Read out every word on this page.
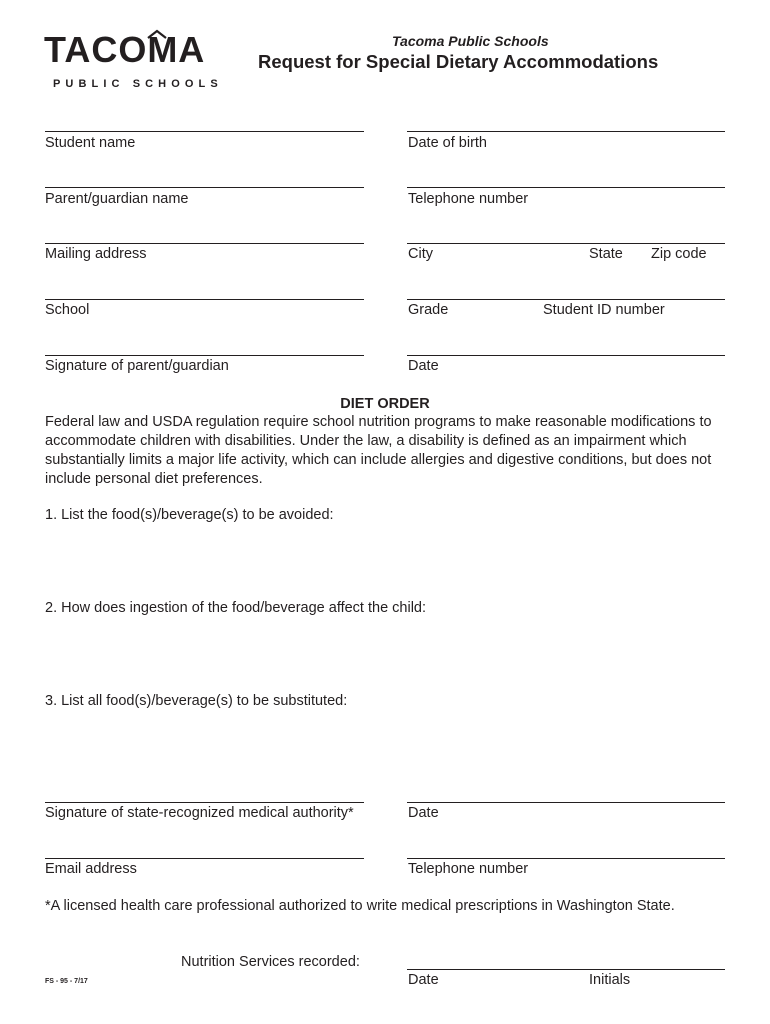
TACOMA
PUBLIC SCHOOLS
Tacoma Public Schools
Request for Special Dietary Accommodations
Student name	Date of birth
Parent/guardian name	Telephone number
Mailing address	City	State Zip code
School	Grade	Student ID number
Signature of parent/guardian	Date
DIET ORDER
Federal law and USDA regulation require school nutrition programs to make reasonable modifications to accommodate children with disabilities. Under the law, a disability is defined as an impairment which substantially limits a major life activity, which can include allergies and digestive conditions, but does not include personal diet preferences.
1. List the food(s)/beverage(s) to be avoided:
2. How does ingestion of the food/beverage affect the child:
3. List all food(s)/beverage(s) to be substituted:
Signature of state-recognized medical authority*	Date
Email address	Telephone number
*A licensed health care professional authorized to write medical prescriptions in Washington State.
Nutrition Services recorded:
Date	Initials
FS - 95 - 7/17
